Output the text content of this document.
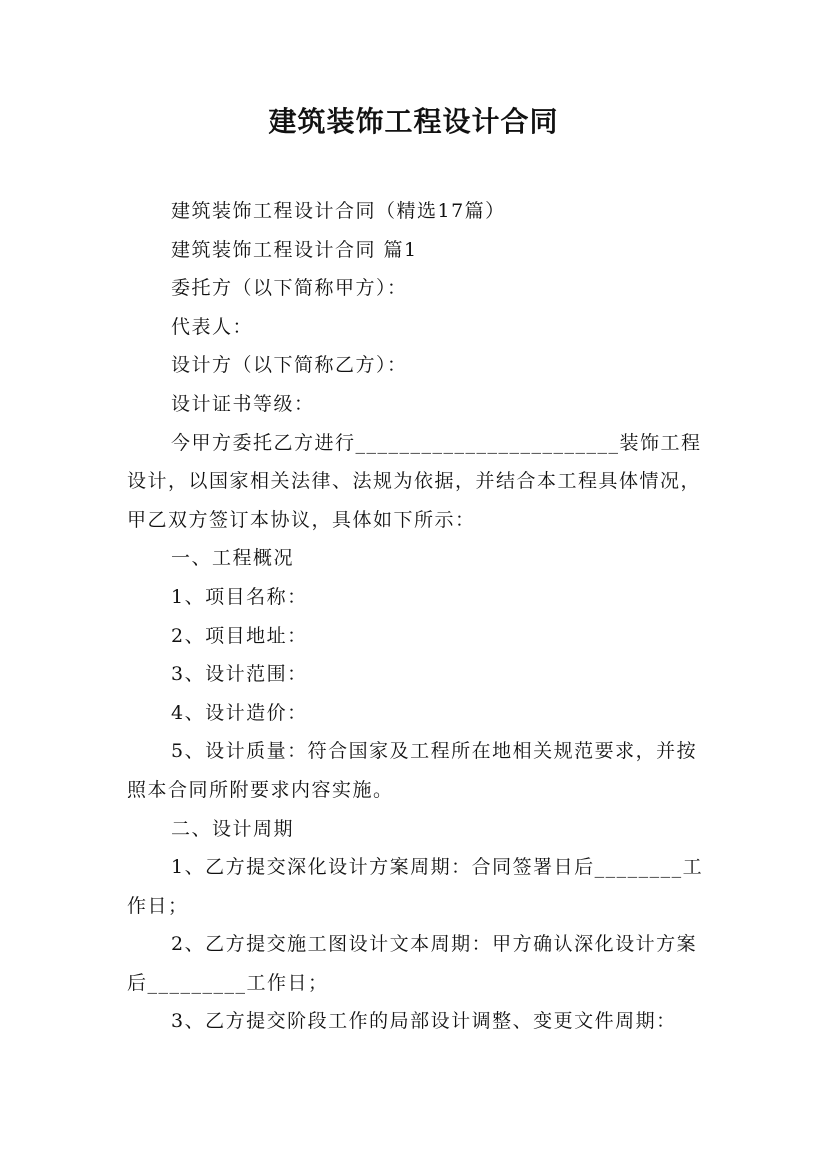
建筑装饰工程设计合同

建筑装饰工程设计合同（精选17篇）

建筑装饰工程设计合同 篇1

委托方（以下简称甲方）：

代表人：

设计方（以下简称乙方）：

设计证书等级：

今甲方委托乙方进行________________________装饰工程设计，以国家相关法律、法规为依据，并结合本工程具体情况，甲乙双方签订本协议，具体如下所示：

一、工程概况

1、项目名称：

2、项目地址：

3、设计范围：

4、设计造价：

5、设计质量：符合国家及工程所在地相关规范要求，并按照本合同所附要求内容实施。

二、设计周期

1、乙方提交深化设计方案周期：合同签署日后________工作日；

2、乙方提交施工图设计文本周期：甲方确认深化设计方案后_________工作日；

3、乙方提交阶段工作的局部设计调整、变更文件周期：
